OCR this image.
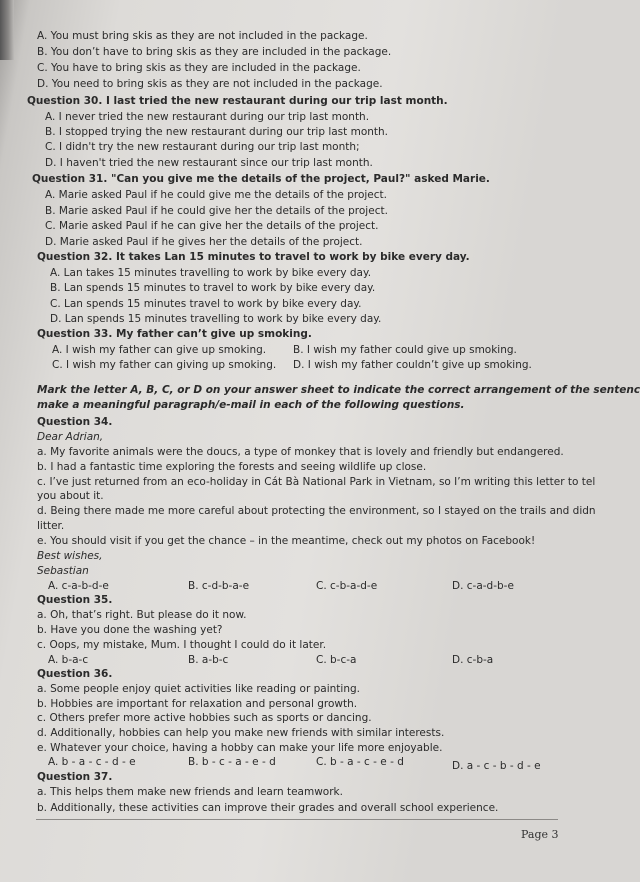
A. You must bring skis as they are not included in the package.
B. You don’t have to bring skis as they are included in the package.
C. You have to bring skis as they are included in the package.
D. You need to bring skis as they are not included in the package.
Question 30. I last tried the new restaurant during our trip last month.
A. I never tried the new restaurant during our trip last month.
B. I stopped trying the new restaurant during our trip last month.
C. I didn't try the new restaurant during our trip last month;
D. I haven't tried the new restaurant since our trip last month.
Question 31. "Can you give me the details of the project, Paul?" asked Marie.
A. Marie asked Paul if he could give me the details of the project.
B. Marie asked Paul if he could give her the details of the project.
C. Marie asked Paul if he can give her the details of the project.
D. Marie asked Paul if he gives her the details of the project.
Question 32. It takes Lan 15 minutes to travel to work by bike every day.
A. Lan takes 15 minutes travelling to work by bike every day.
B. Lan spends 15 minutes to travel to work by bike every day.
C. Lan spends 15 minutes travel to work by bike every day.
D. Lan spends 15 minutes travelling to work by bike every day.
Question 33. My father can’t give up smoking.
A. I wish my father can give up smoking.	B. I wish my father could give up smoking.
C. I wish my father can giving up smoking. D. I wish my father couldn’t give up smoking.
Mark the letter A, B, C, or D on your answer sheet to indicate the correct arrangement of the sentenc
make a meaningful paragraph/e-mail in each of the following questions.
Question 34.
Dear Adrian,
a. My favorite animals were the doucs, a type of monkey that is lovely and friendly but endangered.
b. I had a fantastic time exploring the forests and seeing wildlife up close.
c. I’ve just returned from an eco-holiday in Cát Bà National Park in Vietnam, so I’m writing this letter to tel
you about it.
d. Being there made me more careful about protecting the environment, so I stayed on the trails and didn
litter.
e. You should visit if you get the chance – in the meantime, check out my photos on Facebook!
Best wishes,
Sebastian
A. c-a-b-d-e	B. c-d-b-a-e	C. c-b-a-d-e	D. c-a-d-b-e
Question 35.
a. Oh, that’s right. But please do it now.
b. Have you done the washing yet?
c. Oops, my mistake, Mum. I thought I could do it later.
A. b-a-c	B. a-b-c	C. b-c-a	D. c-b-a
Question 36.
a. Some people enjoy quiet activities like reading or painting.
b. Hobbies are important for relaxation and personal growth.
c. Others prefer more active hobbies such as sports or dancing.
d. Additionally, hobbies can help you make new friends with similar interests.
e. Whatever your choice, having a hobby can make your life more enjoyable.
A. b - a - c - d - e	B. b - c - a - e - d	C. b - a - c - e - d	D. a - c - b - d - e
Question 37.
a. This helps them make new friends and learn teamwork.
b. Additionally, these activities can improve their grades and overall school experience.
Page 3
